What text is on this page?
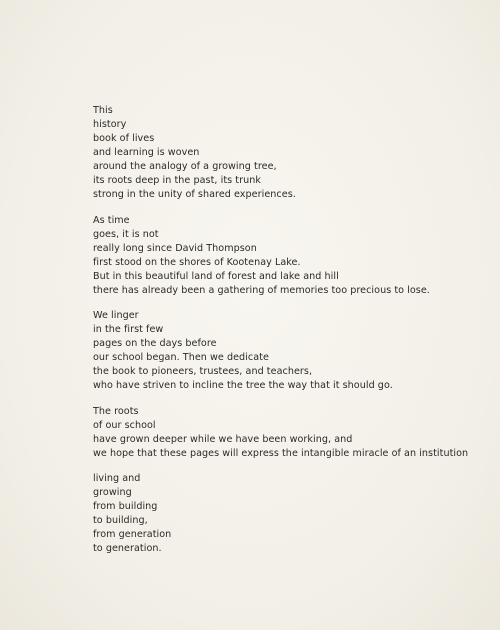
This
history
book of lives
and learning is woven
around the analogy of a growing tree,
its roots deep in the past, its trunk
strong in the unity of shared experiences.
As time
goes, it is not
really long since David Thompson
first stood on the shores of Kootenay Lake.
But in this beautiful land of forest and lake and hill
there has already been a gathering of memories too precious to lose.
We linger
in the first few
pages on the days before
our school began. Then we dedicate
the book to pioneers, trustees, and teachers,
who have striven to incline the tree the way that it should go.
The roots
of our school
have grown deeper while we have been working, and
we hope that these pages will express the intangible miracle of an institution
living and
growing
from building
to building,
from generation
to generation.
